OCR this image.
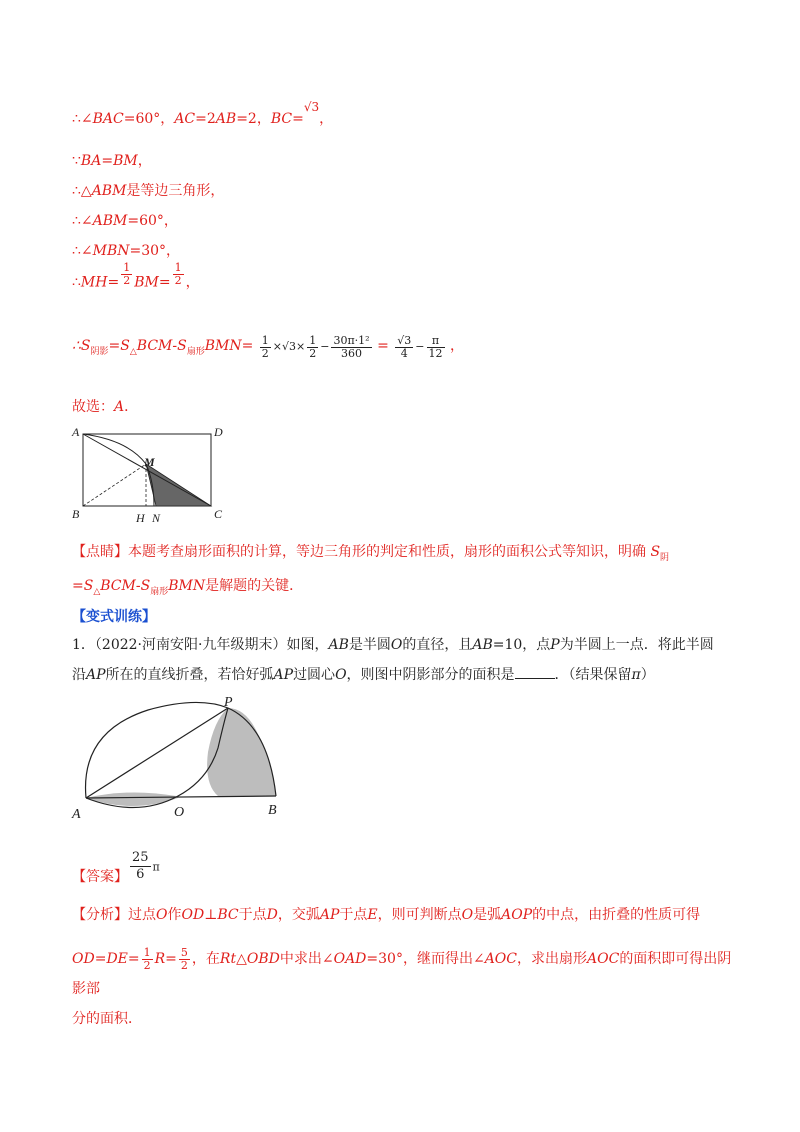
∴∠BAC=60°，AC=2AB=2，BC=√3，
∵BA=BM，
∴△ABM是等边三角形，
∴∠ABM=60°，
∴∠MBN=30°，
∴MH= $\frac{1}{2} BM= \frac{1}{2}$ ，
$\therefore S_{阴影}=S_\triangle BCM-S_{扇形}BMN= \frac{1}{2} \times√3\times \frac{1}{2} - \frac{\text{30π·1²}}{360} = \frac{√3}{4} - \frac{\pi}{12}$ ，
故选：A．
A	D
B	C
M
H N
【点睛】本题考查扇形面积的计算，等边三角形的判定和性质，扇形的面积公式等知识，明确 $S_阴=S_\triangle BCM-S_{扇形}BMN$是解题的关键．
【变式训练】
1．（2022·河南安阳·九年级期末）如图，AB是半圆O的直径，且AB=10，点P为半圆上一点．将此半圆
沿AP所在的直线折叠，若恰好弧AP过圆心O，则图中阴影部分的面积是	．（结果保留π）
A	O	B
P
【答案】 $\frac{25}{6}$ π
【分析】过点O作OD⊥BC于点D，交弧AP于点E，则可判断点O是弧AOP的中点，由折叠的性质可得
$OD=DE= \frac{1}{2} R= \frac{5}{2}$ ，在Rt△OBD中求出∠OAD=30°，继而得出∠AOC，求出扇形AOC的面积即可得出阴影部
分的面积．
